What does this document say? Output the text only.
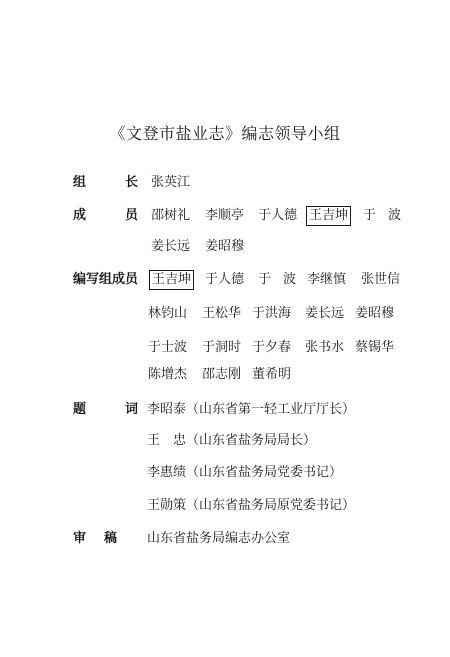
《文登市盐业志》编志领导小组
组	长 张英江
成	员 邵树礼 李顺亭 于人德 王吉坤 于 波
姜长远 姜昭穆
编写组成员 王吉坤 于人德 于 波 李继慎 张世信
林钧山 王松华 于洪海 姜长远 姜昭穆
于士波 于洞时 于夕春 张书水 蔡锡华
陈增杰 邵志刚 董希明
题	词 李昭泰（山东省第一轻工业厅厅长）
王　忠（山东省盐务局局长）
李惠绩（山东省盐务局党委书记）
王勋策（山东省盐务局原党委书记）
审 稿 山东省盐务局编志办公室
